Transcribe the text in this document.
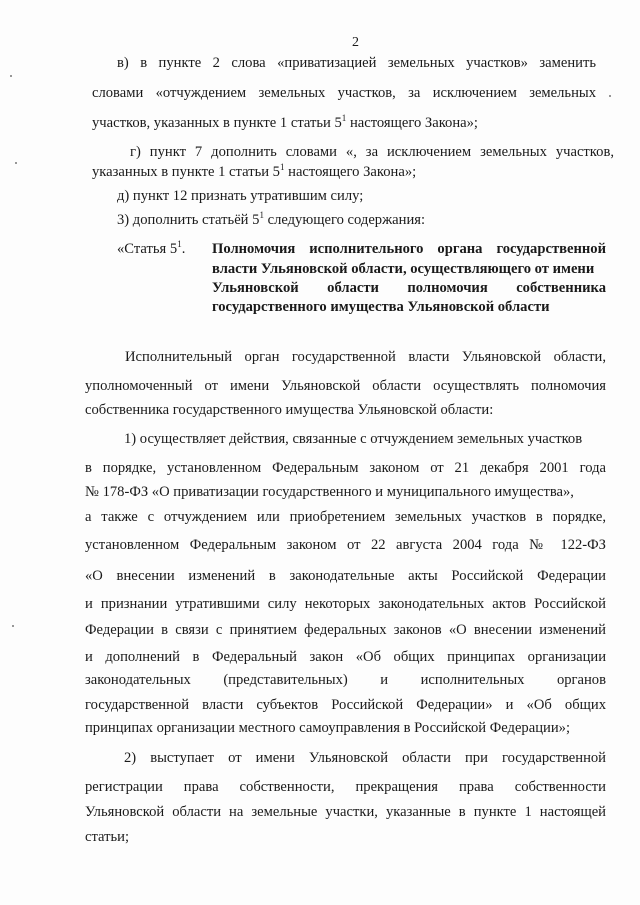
2
в) в пункте 2 слова «приватизацией земельных участков» заменить
словами «отчуждением земельных участков, за исключением земельных
участков, указанных в пункте 1 статьи $5^1$ настоящего Закона»;
г) пункт 7 дополнить словами «, за исключением земельных участков,
указанных в пункте 1 статьи $5^1$ настоящего Закона»;
д) пункт 12 признать утратившим силу;
3) дополнить статьёй $5^1$ следующего содержания:
«Статья $5^1$. Полномочия исполнительного органа государственной
власти Ульяновской области, осуществляющего от имени
Ульяновской области полномочия собственника
государственного имущества Ульяновской области
Исполнительный орган государственной власти Ульяновской области,
уполномоченный от имени Ульяновской области осуществлять полномочия
собственника государственного имущества Ульяновской области:
1) осуществляет действия, связанные с отчуждением земельных участков
в порядке, установленном Федеральным законом от 21 декабря 2001 года
№ 178-ФЗ «О приватизации государственного и муниципального имущества»,
а также с отчуждением или приобретением земельных участков в порядке,
установленном Федеральным законом от 22 августа 2004 года № 122-ФЗ
«О внесении изменений в законодательные акты Российской Федерации
и признании утратившими силу некоторых законодательных актов Российской
Федерации в связи с принятием федеральных законов «О внесении изменений
и дополнений в Федеральный закон «Об общих принципах организации
законодательных (представительных) и исполнительных органов
государственной власти субъектов Российской Федерации» и «Об общих
принципах организации местного самоуправления в Российской Федерации»;
2) выступает от имени Ульяновской области при государственной
регистрации права собственности, прекращения права собственности
Ульяновской области на земельные участки, указанные в пункте 1 настоящей
статьи;
